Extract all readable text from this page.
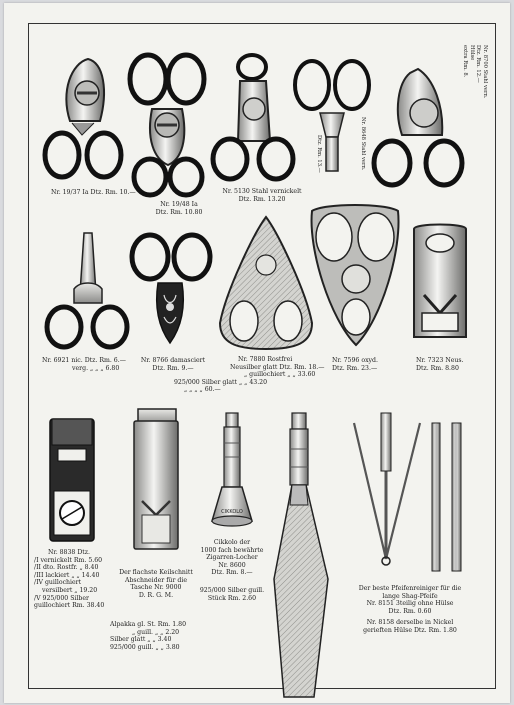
Nr. 19/37 Ia Dtz. Rm. 10.—
Nr. 19/48 Ia
Dtz. Rm. 10.80
Nr. 5130 Stahl vernickelt
Dtz. Rm. 13.20
Dtz. Rm. 13.—	Nr. 8648 Stahl vern.
Nr. 8700 Stahl vern.
Dtz. Rm. 12.—
Hülse
extra Rm. 8.
Nr. 6921 nic. Dtz. Rm. 6.—
verg. „ „ „ 6.80
Nr. 8766 damasciert
Dtz. Rm. 9.—
Nr. 7880 Rostfrei
Neusilber glatt Dtz. Rm. 18.—
„ guillochiert „ „ 33.60
925/000 Silber glatt „ „ 43.20
„ „ „ „ 60.—
Nr. 7596 oxyd.
Dtz. Rm. 23.—
Nr. 7323 Neus.
Dtz. Rm. 8.80
Nr. 8838 Dtz.
/I vernickelt Rm. 5.60
/II dto. Rostfr. „ 8.40
/III lackiert „ „ 14.40
/IV guillochiert
versilbert „ 19.20
/V 925/000 Silber
guillochiert Rm. 38.40
Der flachste Keilschnitt
Abschneider für die
Tasche Nr. 9000
D. R. G. M.
Alpakka gl. St. Rm. 1.80
„ guill. „ „ 2.20
Silber glatt „ „ 3.40
925/000 guill. „ „ 3.80
CIKKOLO
Cikkolo der
1000 fach bewährte
Zigarren-Locher
Nr. 8600
Dtz. Rm. 8.—
925/000 Silber guill.
Stück Rm. 2.60
Der beste Pfeifenreiniger für die
lange Shag-Pfeife
Nr. 8151 3teilig ohne Hülse
Dtz. Rm. 0.60
Nr. 8158 derselbe in Nickel
gerieften Hülse Dtz. Rm. 1.80
